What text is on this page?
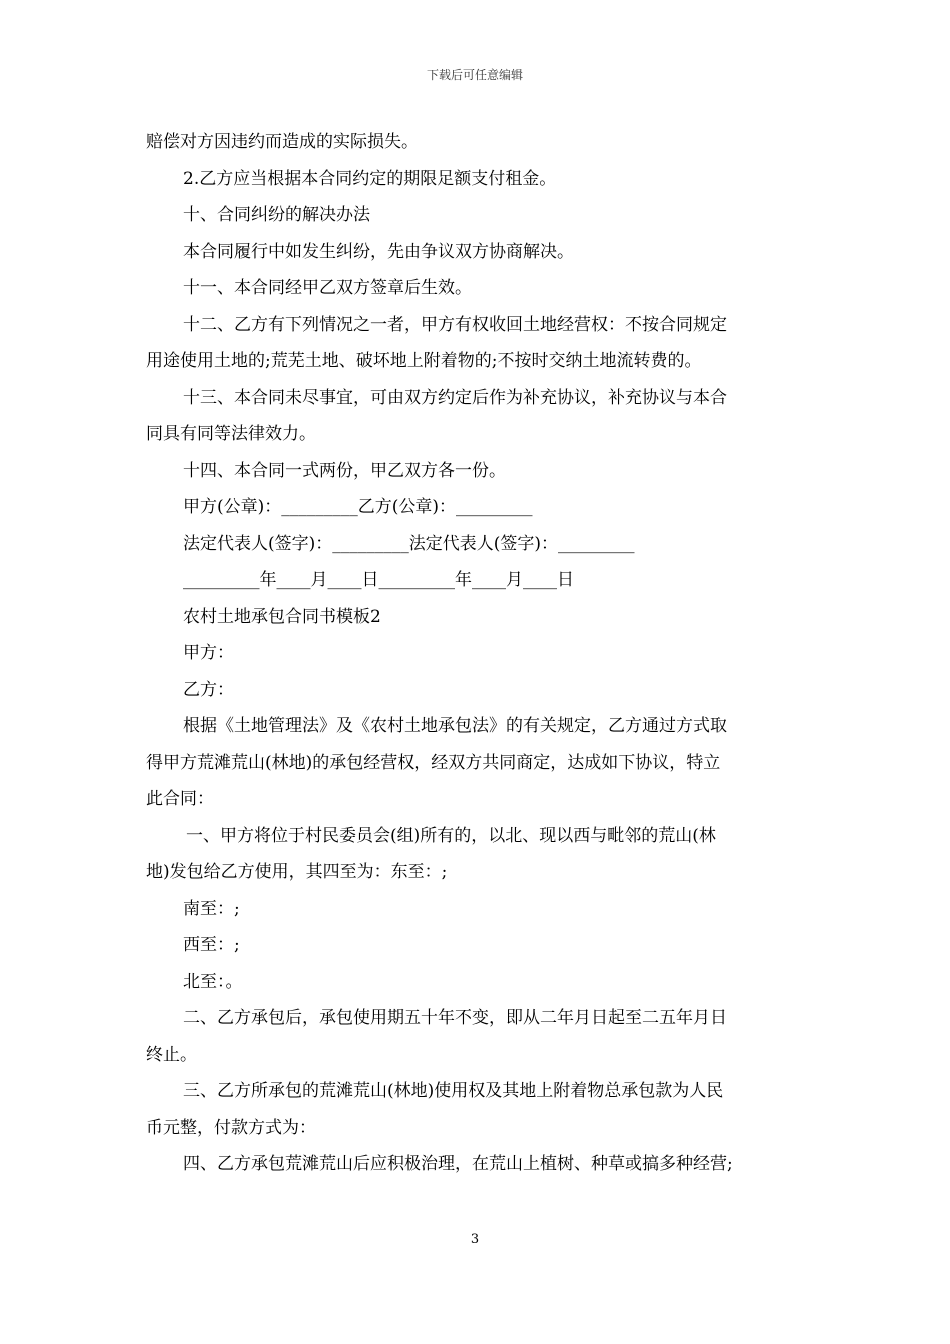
下载后可任意编辑

赔偿对方因违约而造成的实际损失。

2.乙方应当根据本合同约定的期限足额支付租金。

十、合同纠纷的解决办法

本合同履行中如发生纠纷，先由争议双方协商解决。

十一、本合同经甲乙双方签章后生效。

十二、乙方有下列情况之一者，甲方有权收回土地经营权：不按合同规定

用途使用土地的;荒芜土地、破坏地上附着物的;不按时交纳土地流转费的。

十三、本合同未尽事宜，可由双方约定后作为补充协议，补充协议与本合

同具有同等法律效力。

十四、本合同一式两份，甲乙双方各一份。

甲方(公章)：_________乙方(公章)：_________

法定代表人(签字)：_________法定代表人(签字)：_________

_________年____月____日_________年____月____日

农村土地承包合同书模板2

甲方：

乙方：

根据《土地管理法》及《农村土地承包法》的有关规定，乙方通过方式取

得甲方荒滩荒山(林地)的承包经营权，经双方共同商定，达成如下协议，特立

此合同：

一、甲方将位于村民委员会(组)所有的，以北、现以西与毗邻的荒山(林

地)发包给乙方使用，其四至为：东至：;

南至：;

西至：;

北至：。

二、乙方承包后，承包使用期五十年不变，即从二年月日起至二五年月日

终止。

三、乙方所承包的荒滩荒山(林地)使用权及其地上附着物总承包款为人民

币元整，付款方式为：

四、乙方承包荒滩荒山后应积极治理，在荒山上植树、种草或搞多种经营;

3
